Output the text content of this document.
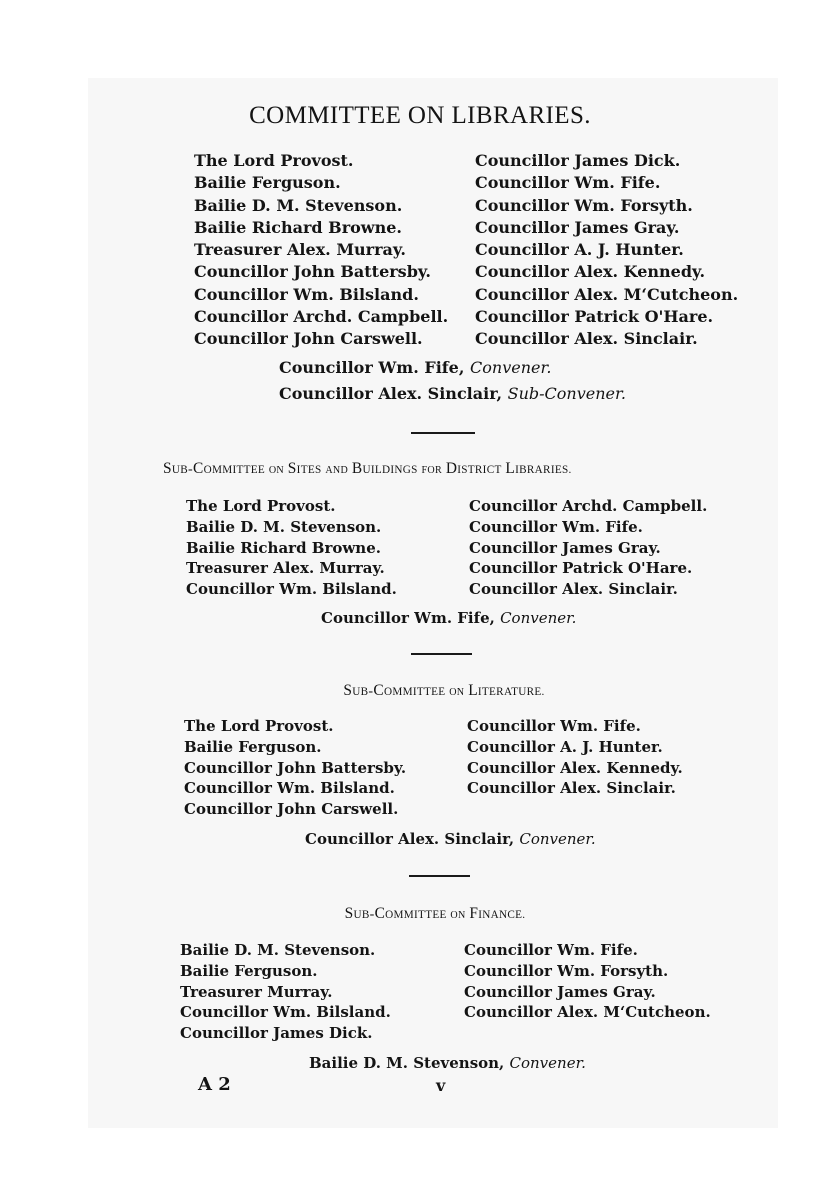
COMMITTEE ON LIBRARIES.
The Lord Provost.
Bailie Ferguson.
Bailie D. M. Stevenson.
Bailie Richard Browne.
Treasurer Alex. Murray.
Councillor John Battersby.
Councillor Wm. Bilsland.
Councillor Archd. Campbell.
Councillor John Carswell.
Councillor James Dick.
Councillor Wm. Fife.
Councillor Wm. Forsyth.
Councillor James Gray.
Councillor A. J. Hunter.
Councillor Alex. Kennedy.
Councillor Alex. M‘Cutcheon.
Councillor Patrick O'Hare.
Councillor Alex. Sinclair.
Councillor Wm. Fife, Convener.
Councillor Alex. Sinclair, Sub-Convener.
SUB-COMMITTEE ON SITES AND BUILDINGS FOR DISTRICT LIBRARIES.
The Lord Provost.
Bailie D. M. Stevenson.
Bailie Richard Browne.
Treasurer Alex. Murray.
Councillor Wm. Bilsland.
Councillor Archd. Campbell.
Councillor Wm. Fife.
Councillor James Gray.
Councillor Patrick O'Hare.
Councillor Alex. Sinclair.
Councillor Wm. Fife, Convener.
SUB-COMMITTEE ON LITERATURE.
The Lord Provost.
Bailie Ferguson.
Councillor John Battersby.
Councillor Wm. Bilsland.
Councillor John Carswell.
Councillor Wm. Fife.
Councillor A. J. Hunter.
Councillor Alex. Kennedy.
Councillor Alex. Sinclair.
Councillor Alex. Sinclair, Convener.
SUB-COMMITTEE ON FINANCE.
Bailie D. M. Stevenson.
Bailie Ferguson.
Treasurer Murray.
Councillor Wm. Bilsland.
Councillor James Dick.
Councillor Wm. Fife.
Councillor Wm. Forsyth.
Councillor James Gray.
Councillor Alex. M‘Cutcheon.
Bailie D. M. Stevenson, Convener.
A 2	v
